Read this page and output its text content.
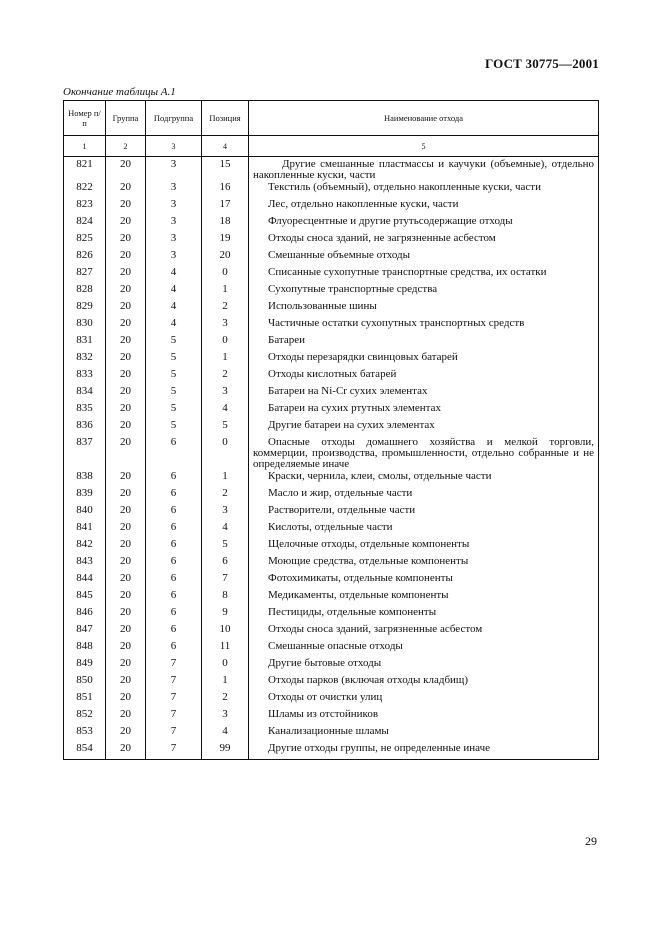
ГОСТ 30775—2001
Окончание таблицы А.1
Номер п/п	Группа	Подгруппа	Позиция	Наименование отхода
1	2	3	4	5
821	20	3	15	Другие смешанные пластмассы и каучуки (объемные), отдельно накопленные куски, части
822	20	3	16	Текстиль (объемный), отдельно накопленные куски, части
823	20	3	17	Лес, отдельно накопленные куски, части
824	20	3	18	Флуоресцентные и другие ртутьсодержащие отходы
825	20	3	19	Отходы сноса зданий, не загрязненные асбестом
826	20	3	20	Смешанные объемные отходы
827	20	4	0	Списанные сухопутные транспортные средства, их остатки
828	20	4	1	Сухопутные транспортные средства
829	20	4	2	Использованные шины
830	20	4	3	Частичные остатки сухопутных транспортных средств
831	20	5	0	Батареи
832	20	5	1	Отходы перезарядки свинцовых батарей
833	20	5	2	Отходы кислотных батарей
834	20	5	3	Батареи на Ni-Cr сухих элементах
835	20	5	4	Батареи на сухих ртутных элементах
836	20	5	5	Другие батареи на сухих элементах
837	20	6	0	Опасные отходы домашнего хозяйства и мелкой торговли, коммерции, производства, промышленности, отдельно собранные и не определяемые иначе
838	20	6	1	Краски, чернила, клеи, смолы, отдельные части
839	20	6	2	Масло и жир, отдельные части
840	20	6	3	Растворители, отдельные части
841	20	6	4	Кислоты, отдельные части
842	20	6	5	Щелочные отходы, отдельные компоненты
843	20	6	6	Моющие средства, отдельные компоненты
844	20	6	7	Фотохимикаты, отдельные компоненты
845	20	6	8	Медикаменты, отдельные компоненты
846	20	6	9	Пестициды, отдельные компоненты
847	20	6	10	Отходы сноса зданий, загрязненные асбестом
848	20	6	11	Смешанные опасные отходы
849	20	7	0	Другие бытовые отходы
850	20	7	1	Отходы парков (включая отходы кладбищ)
851	20	7	2	Отходы от очистки улиц
852	20	7	3	Шламы из отстойников
853	20	7	4	Канализационные шламы
854	20	7	99	Другие отходы группы, не определенные иначе
29
